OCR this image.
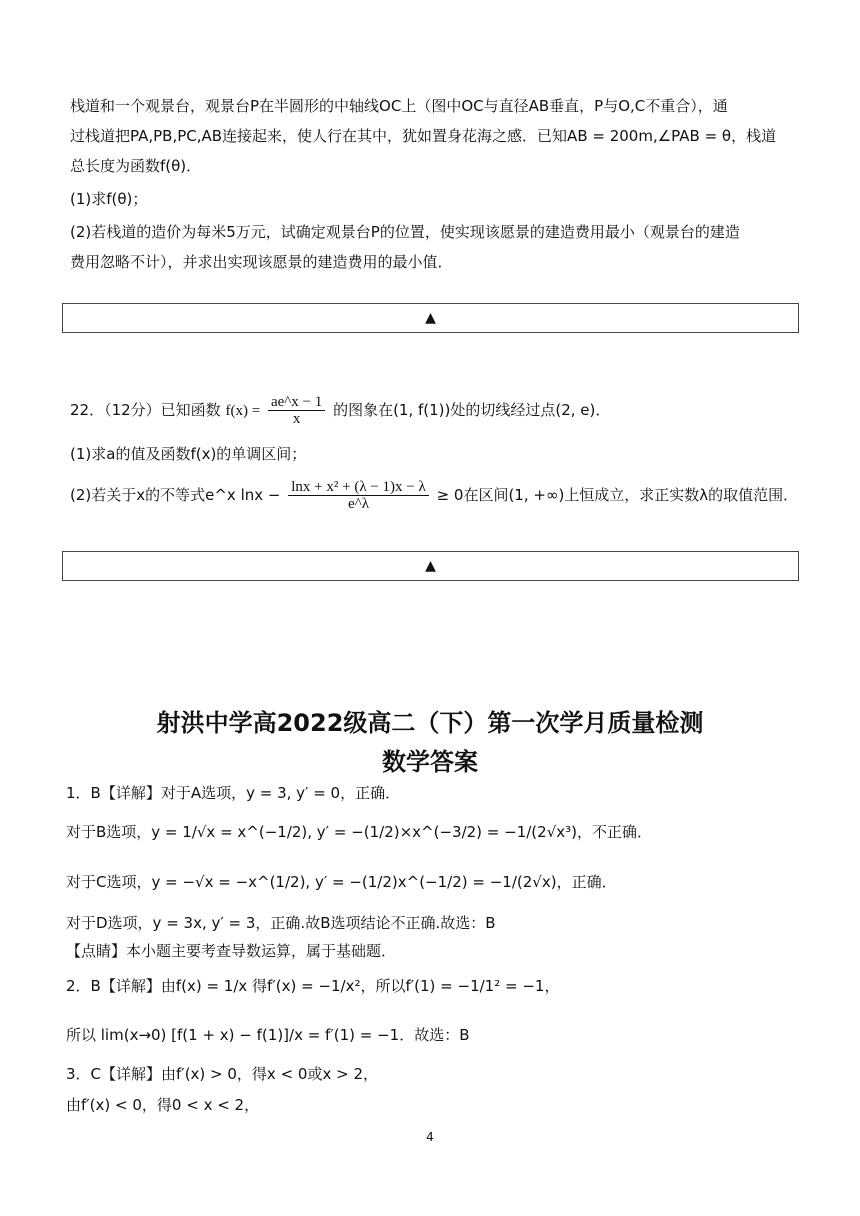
栈道和一个观景台，观景台P在半圆形的中轴线OC上（图中OC与直径AB垂直，P与O,C不重合），通
过栈道把PA,PB,PC,AB连接起来，使人行在其中，犹如置身花海之感．已知AB = 200m,∠PAB = θ，栈道
总长度为函数f(θ)．
(1)求f(θ)；
(2)若栈道的造价为每米5万元，试确定观景台P的位置，使实现该愿景的建造费用最小（观景台的建造
费用忽略不计），并求出实现该愿景的建造费用的最小值．
▲
22．（12分）已知函数 $f(x) = \frac{ae\^{}x - 1}{x}$ 的图象在(1, f(1))处的切线经过点(2, e)．
(1)求a的值及函数f(x)的单调区间；
(2)若关于x的不等式e^x $\ln x - \frac{\text{lnx + x² + (λ − 1)x − λ}}{e\^{}\lambda} \ge 0$在区间(1, +∞)上恒成立，求正实数λ的取值范围．
▲
射洪中学高2022级高二（下）第一次学月质量检测
数学答案
1．B【详解】对于A选项，y = 3, y′ = 0，正确．
对于B选项，y = 1/√x = x^(−1/2), y′ = −(1/2)×x^(−3/2) = −1/(2√x³)，不正确．
对于C选项，y = −√x = −x^(1/2), y′ = −(1/2)x^(−1/2) = −1/(2√x)，正确．
对于D选项，y = 3x, y′ = 3，正确.故B选项结论不正确.故选：B
【点睛】本小题主要考查导数运算，属于基础题．
2．B【详解】由f(x) = 1/x 得f′(x) = −1/x²，所以f′(1) = −1/1² = −1，
所以 lim(x→0) [f(1 + x) − f(1)]/x = f′(1) = −1．故选：B
3．C【详解】由f′(x) > 0，得x < 0或x > 2，
由f′(x) < 0，得0 < x < 2，
4
